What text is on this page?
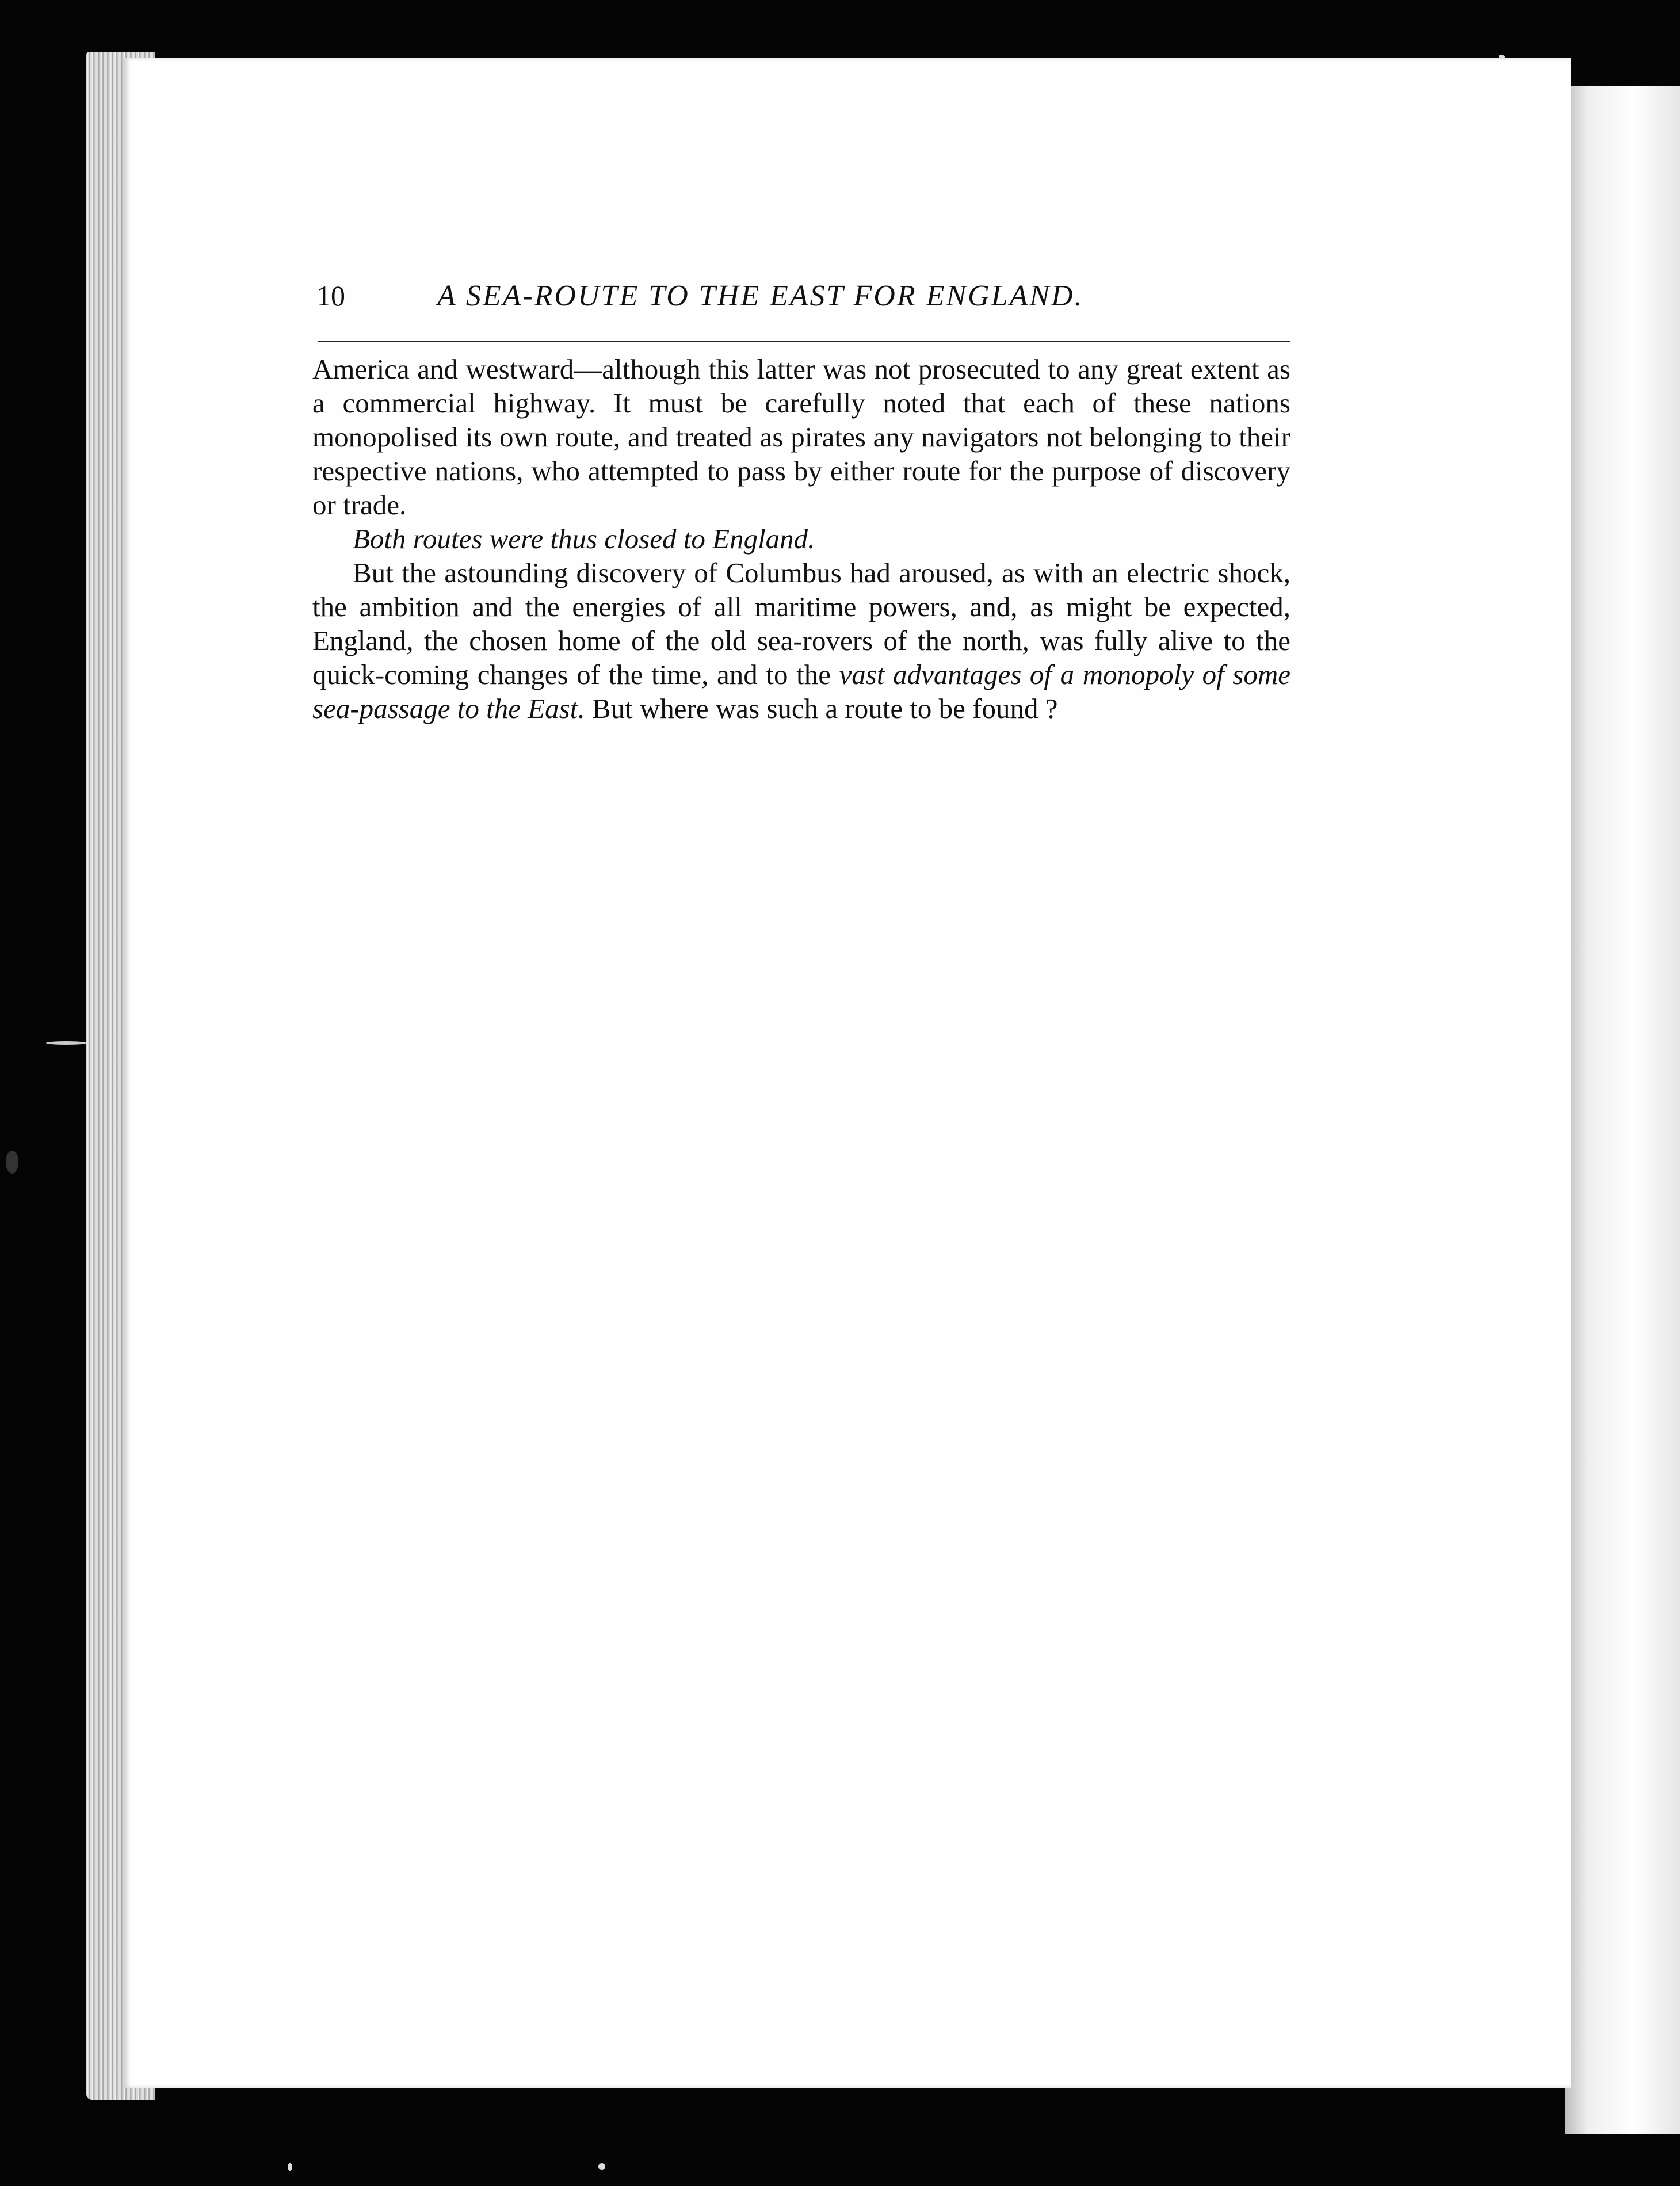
10	A SEA-ROUTE TO THE EAST FOR ENGLAND.

America and westward—although this latter was not prosecuted to any great extent as a commercial highway. It must be carefully noted that each of these nations monopolised its own route, and treated as pirates any navigators not belonging to their respective nations, who attempted to pass by either route for the purpose of discovery or trade.

Both routes were thus closed to England.

But the astounding discovery of Columbus had aroused, as with an electric shock, the ambition and the energies of all maritime powers, and, as might be expected, England, the chosen home of the old sea-rovers of the north, was fully alive to the quick-coming changes of the time, and to the vast advantages of a monopoly of some sea-passage to the East. But where was such a route to be found ?
